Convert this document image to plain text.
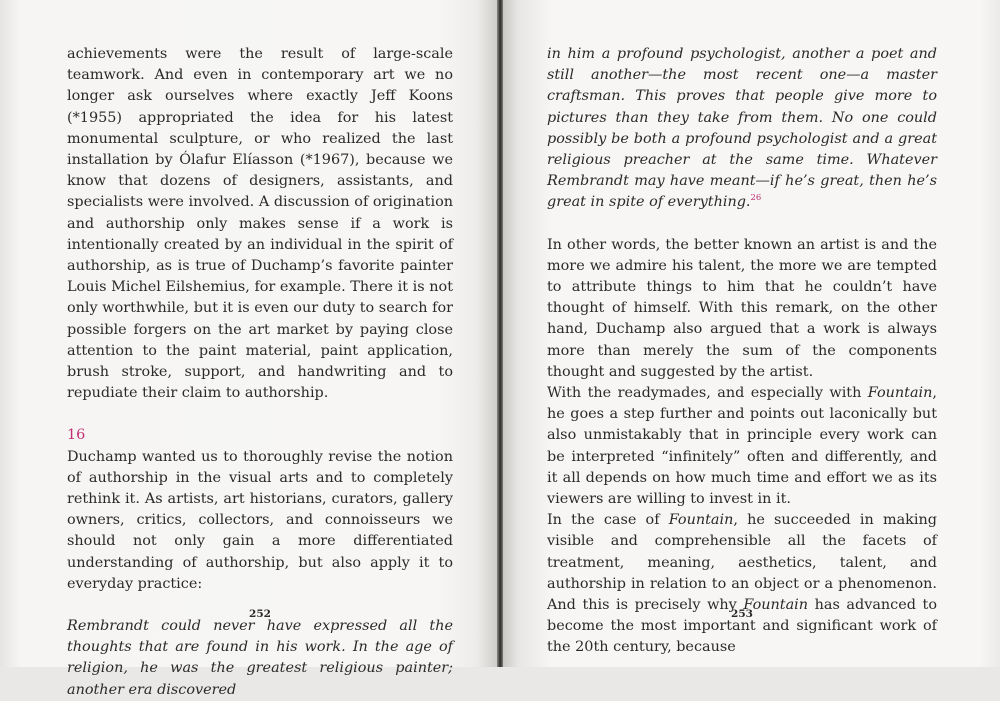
achievements were the result of large-scale teamwork. And even in contemporary art we no longer ask ourselves where exactly Jeff Koons (*1955) appropriated the idea for his latest monumental sculpture, or who realized the last installation by Ólafur Elíasson (*1967), because we know that dozens of designers, assistants, and specialists were involved. A discussion of origination and authorship only makes sense if a work is intentionally created by an individual in the spirit of authorship, as is true of Duchamp’s favorite painter Louis Michel Eilshemius, for example. There it is not only worthwhile, but it is even our duty to search for possible forgers on the art market by paying close attention to the paint material, paint application, brush stroke, support, and handwriting and to repudiate their claim to authorship.

16

Duchamp wanted us to thoroughly revise the notion of authorship in the visual arts and to completely rethink it. As artists, art historians, curators, gallery owners, critics, collectors, and connoisseurs we should not only gain a more differentiated understanding of authorship, but also apply it to everyday practice:

Rembrandt could never have expressed all the thoughts that are found in his work. In the age of religion, he was the greatest religious painter; another era discovered

252

in him a profound psychologist, another a poet and still another—the most recent one—a master craftsman. This proves that people give more to pictures than they take from them. No one could possibly be both a profound psychologist and a great religious preacher at the same time. Whatever Rembrandt may have meant—if he’s great, then he’s great in spite of everything.$^{26}$

In other words, the better known an artist is and the more we admire his talent, the more we are tempted to attribute things to him that he couldn’t have thought of himself. With this remark, on the other hand, Duchamp also argued that a work is always more than merely the sum of the components thought and suggested by the artist.

With the readymades, and especially with Fountain, he goes a step further and points out laconically but also unmistakably that in principle every work can be interpreted “infinitely” often and differently, and it all depends on how much time and effort we as its viewers are willing to invest in it.

In the case of Fountain, he succeeded in making visible and comprehensible all the facets of treatment, meaning, aesthetics, talent, and authorship in relation to an object or a phenomenon. And this is precisely why Fountain has advanced to become the most important and significant work of the 20th century, because

253
